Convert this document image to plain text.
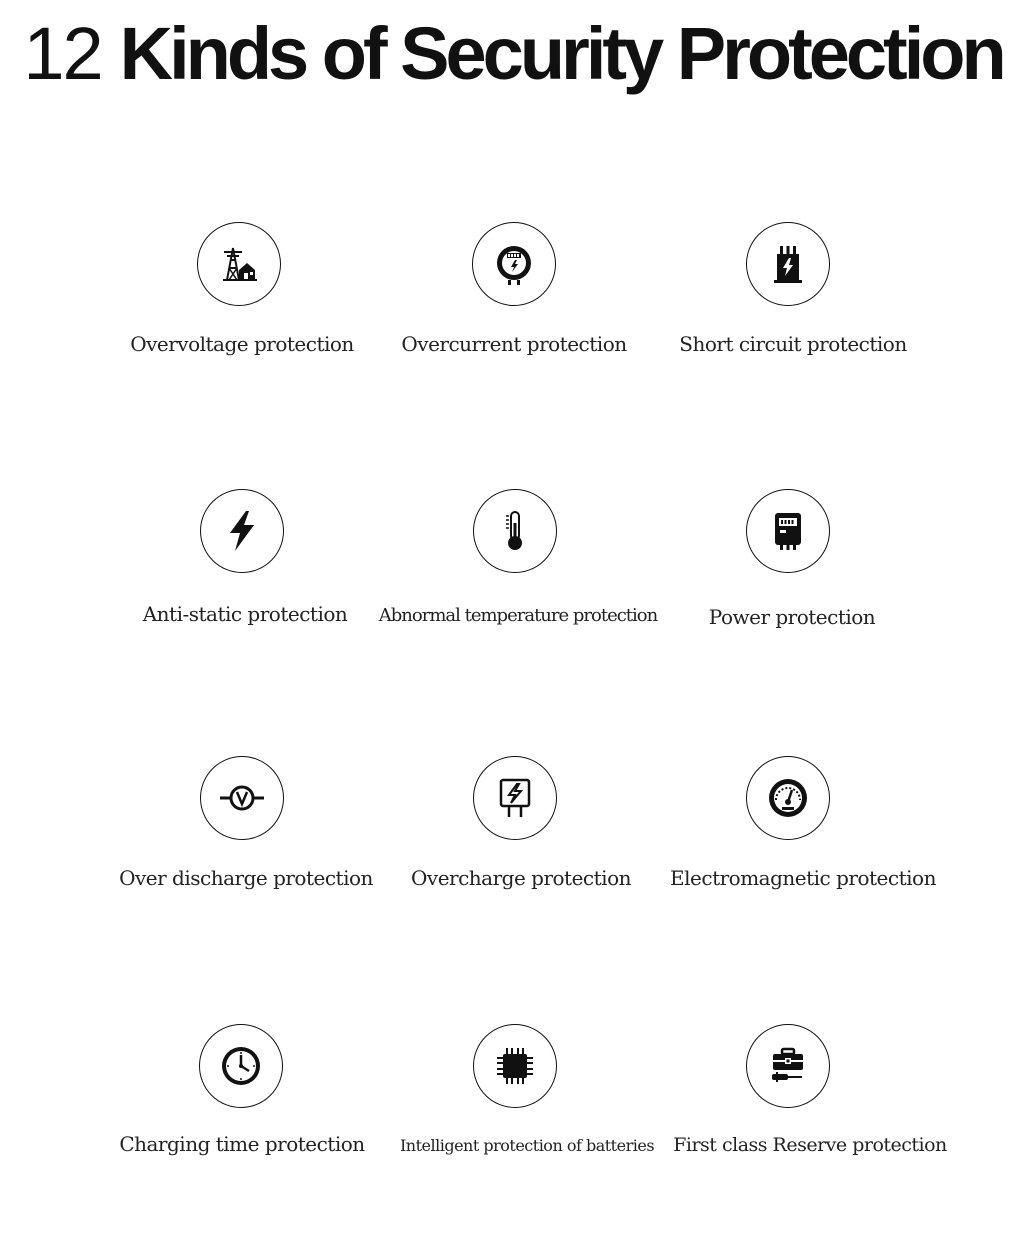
12 Kinds of Security Protection
Overvoltage protection	Overcurrent protection	Short circuit protection
Anti-static protection	Abnormal temperature protection	Power protection
Over discharge protection	Overcharge protection	Electromagnetic protection
Charging time protection	Intelligent protection of batteries	First class Reserve protection
